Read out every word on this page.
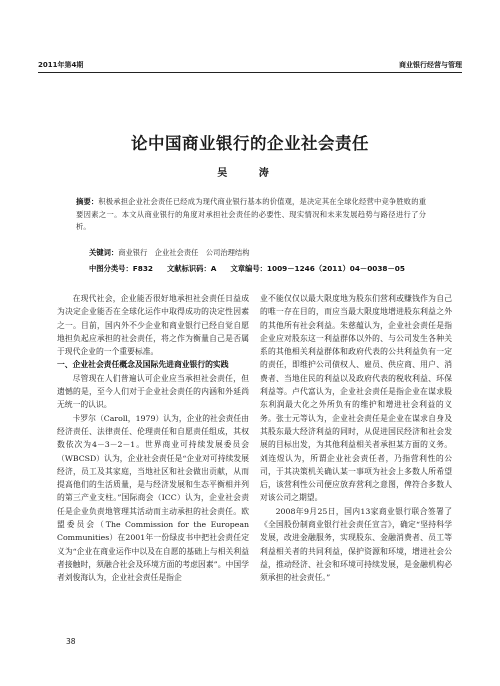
2011年第4期	商业银行经营与管理
论中国商业银行的企业社会责任
吴 涛
摘要：积极承担企业社会责任已经成为现代商业银行基本的价值观，是决定其在全球化经营中竞争胜败的重要因素之一。本文从商业银行的角度对承担社会责任的必要性、现实情况和未来发展趋势与路径进行了分析。
关键词：商业银行　企业社会责任　公司治理结构
中图分类号：F832 文献标识码：A 文章编号：1009－1246（2011）04－0038－05

在现代社会，企业能否很好地承担社会责任日益成为决定企业能否在全球化运作中取得成功的决定性因素之一。目前，国内外不少企业和商业银行已经自觉自愿地担负起应承担的社会责任，将之作为衡量自己是否属于现代企业的一个重要标准。

一、企业社会责任概念及国际先进商业银行的实践

尽管现在人们普遍认可企业应当承担社会责任，但遗憾的是，至今人们对于企业社会责任的内涵和外延尚无统一的认识。

卡罗尔（Caroll，1979）认为，企业的社会责任由经济责任、法律责任、伦理责任和自愿责任组成，其权数依次为4－3－2－1。世界商业可持续发展委员会（WBCSD）认为，企业社会责任是“企业对可持续发展经济，员工及其家庭，当地社区和社会做出贡献，从而提高他们的生活质量，是与经济发展和生态平衡相并列的第三产业支柱。”国际商会（ICC）认为，企业社会责任是企业负责地管理其活动而主动承担的社会责任。欧盟委员会（The Commission for the European Communities）在2001年一份绿皮书中把社会责任定义为“企业在商业运作中以及在自愿的基础上与相关利益者接触时，须融合社会及环境方面的考虑因素”。中国学者刘俊海认为，企业社会责任是指企

业不能仅仅以最大限度地为股东们营利或赚钱作为自己的唯一存在目的，而应当最大限度地增进股东利益之外的其他所有社会利益。朱慈蕴认为，企业社会责任是指企业应对股东这一利益群体以外的、与公司发生各种关系的其他相关利益群体和政府代表的公共利益负有一定的责任，即维护公司债权人、雇员、供应商、用户、消费者、当地住民的利益以及政府代表的税收利益、环保利益等。卢代富认为，企业社会责任是指企业在谋求股东利润最大化之外所负有的维护和增进社会利益的义务。张士元等认为，企业社会责任是企业在谋求自身及其股东最大经济利益的同时，从促进国民经济和社会发展的目标出发，为其他利益相关者承担某方面的义务。刘连煜认为，所谓企业社会责任者，乃指营利性的公司，于其决策机关确认某一事项为社会上多数人所希望后，该营利性公司便应放弃营利之意图，俾符合多数人对该公司之期望。

2008年9月25日，国内13家商业银行联合签署了《全国股份制商业银行社会责任宣言》，确定“坚持科学发展，改进金融服务，实现股东、金融消费者、员工等利益相关者的共同利益，保护资源和环境，增进社会公益，推动经济、社会和环境可持续发展，是金融机构必须承担的社会责任。”

38
